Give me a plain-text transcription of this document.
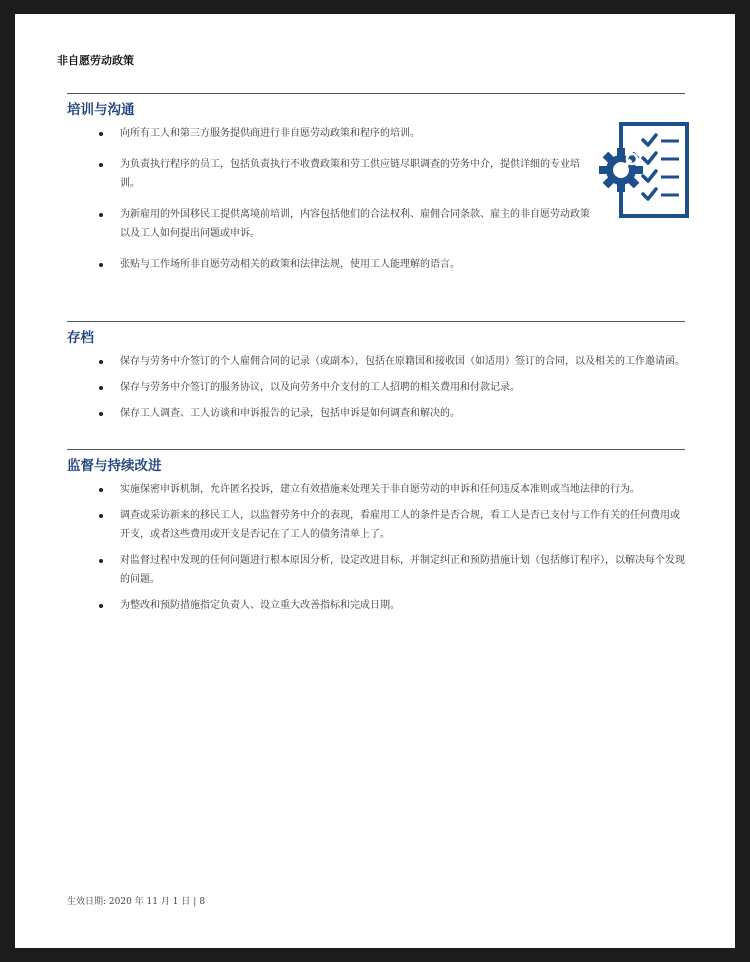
非自愿劳动政策
培训与沟通
向所有工人和第三方服务提供商进行非自愿劳动政策和程序的培训。
为负责执行程序的员工，包括负责执行不收费政策和劳工供应链尽职调查的劳务中介，提供详细的专业培训。
为新雇用的外国移民工提供离境前培训，内容包括他们的合法权利、雇佣合同条款、雇主的非自愿劳动政策以及工人如何提出问题或申诉。
张贴与工作场所非自愿劳动相关的政策和法律法规，使用工人能理解的语言。
存档
保存与劳务中介签订的个人雇佣合同的记录（或副本），包括在原籍国和接收国（如适用）签订的合同，以及相关的工作邀请函。
保存与劳务中介签订的服务协议，以及向劳务中介支付的工人招聘的相关费用和付款记录。
保存工人调查、工人访谈和申诉报告的记录，包括申诉是如何调查和解决的。
监督与持续改进
实施保密申诉机制，允许匿名投诉，建立有效措施来处理关于非自愿劳动的申诉和任何违反本准则或当地法律的行为。
调查或采访新来的移民工人，以监督劳务中介的表现，看雇用工人的条件是否合规，看工人是否已支付与工作有关的任何费用或开支，或者这些费用或开支是否记在了工人的债务清单上了。
对监督过程中发现的任何问题进行根本原因分析，设定改进目标，并制定纠正和预防措施计划（包括修订程序），以解决每个发现的问题。
为整改和预防措施指定负责人、设立重大改善指标和完成日期。
生效日期: 2020 年 11 月 1 日 | 8
